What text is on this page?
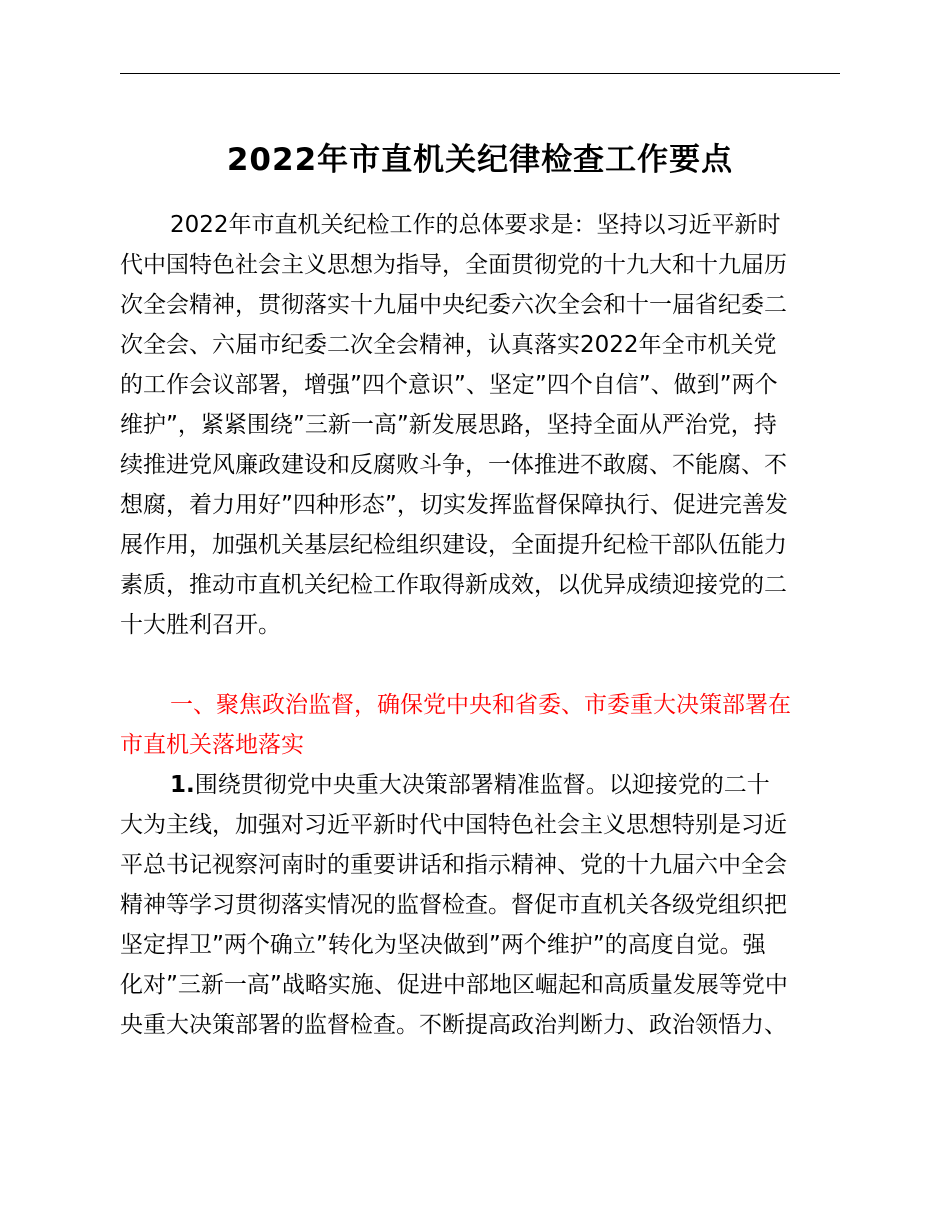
2022年市直机关纪律检查工作要点
2022年市直机关纪检工作的总体要求是：坚持以习近平新时
代中国特色社会主义思想为指导，全面贯彻党的十九大和十九届历
次全会精神，贯彻落实十九届中央纪委六次全会和十一届省纪委二
次全会、六届市纪委二次全会精神，认真落实2022年全市机关党
的工作会议部署，增强”四个意识”、坚定”四个自信”、做到”两个
维护”，紧紧围绕”三新一高”新发展思路，坚持全面从严治党，持
续推进党风廉政建设和反腐败斗争，一体推进不敢腐、不能腐、不
想腐，着力用好”四种形态”，切实发挥监督保障执行、促进完善发
展作用，加强机关基层纪检组织建设，全面提升纪检干部队伍能力
素质，推动市直机关纪检工作取得新成效，以优异成绩迎接党的二
十大胜利召开。
一、聚焦政治监督，确保党中央和省委、市委重大决策部署在
市直机关落地落实
1.围绕贯彻党中央重大决策部署精准监督。以迎接党的二十
大为主线，加强对习近平新时代中国特色社会主义思想特别是习近
平总书记视察河南时的重要讲话和指示精神、党的十九届六中全会
精神等学习贯彻落实情况的监督检查。督促市直机关各级党组织把
坚定捍卫”两个确立”转化为坚决做到”两个维护”的高度自觉。强
化对”三新一高”战略实施、促进中部地区崛起和高质量发展等党中
央重大决策部署的监督检查。不断提高政治判断力、政治领悟力、
